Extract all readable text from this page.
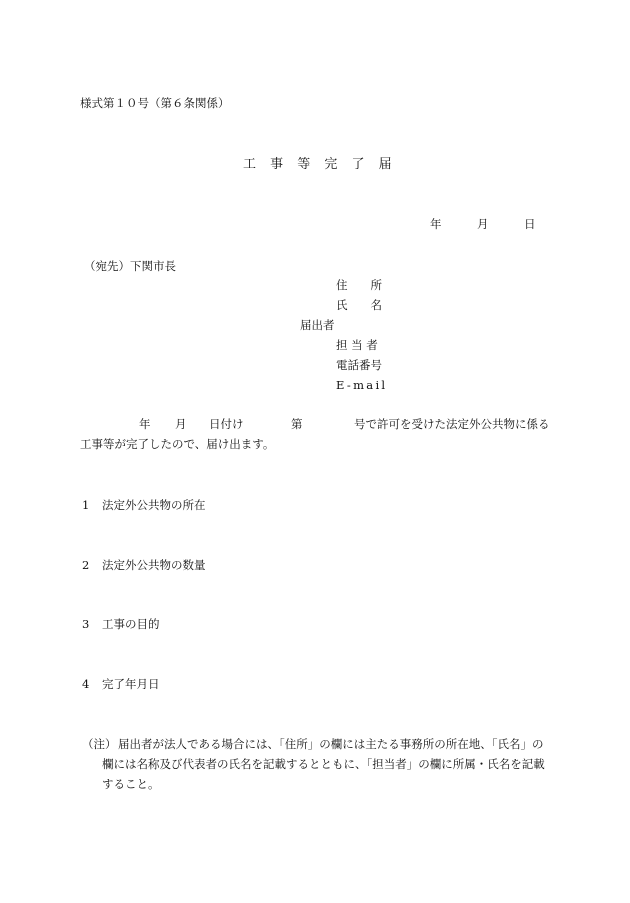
様式第１０号（第６条関係）
工 事 等 完 了 届
年	月	日
（宛先）下関市長
住　　所
氏　　名
届出者
担 当 者
電話番号
E-mail
年 月 日付け	第	号で許可を受けた法定外公共物に係る
工事等が完了したので、届け出ます。
1 法定外公共物の所在
2 法定外公共物の数量
3 工事の目的
4 完了年月日
（注） 届出者が法人である場合には、「住所」の欄には主たる事務所の所在地、「氏名」の
欄には名称及び代表者の氏名を記載するとともに、「担当者」の欄に所属・氏名を記載
すること。
